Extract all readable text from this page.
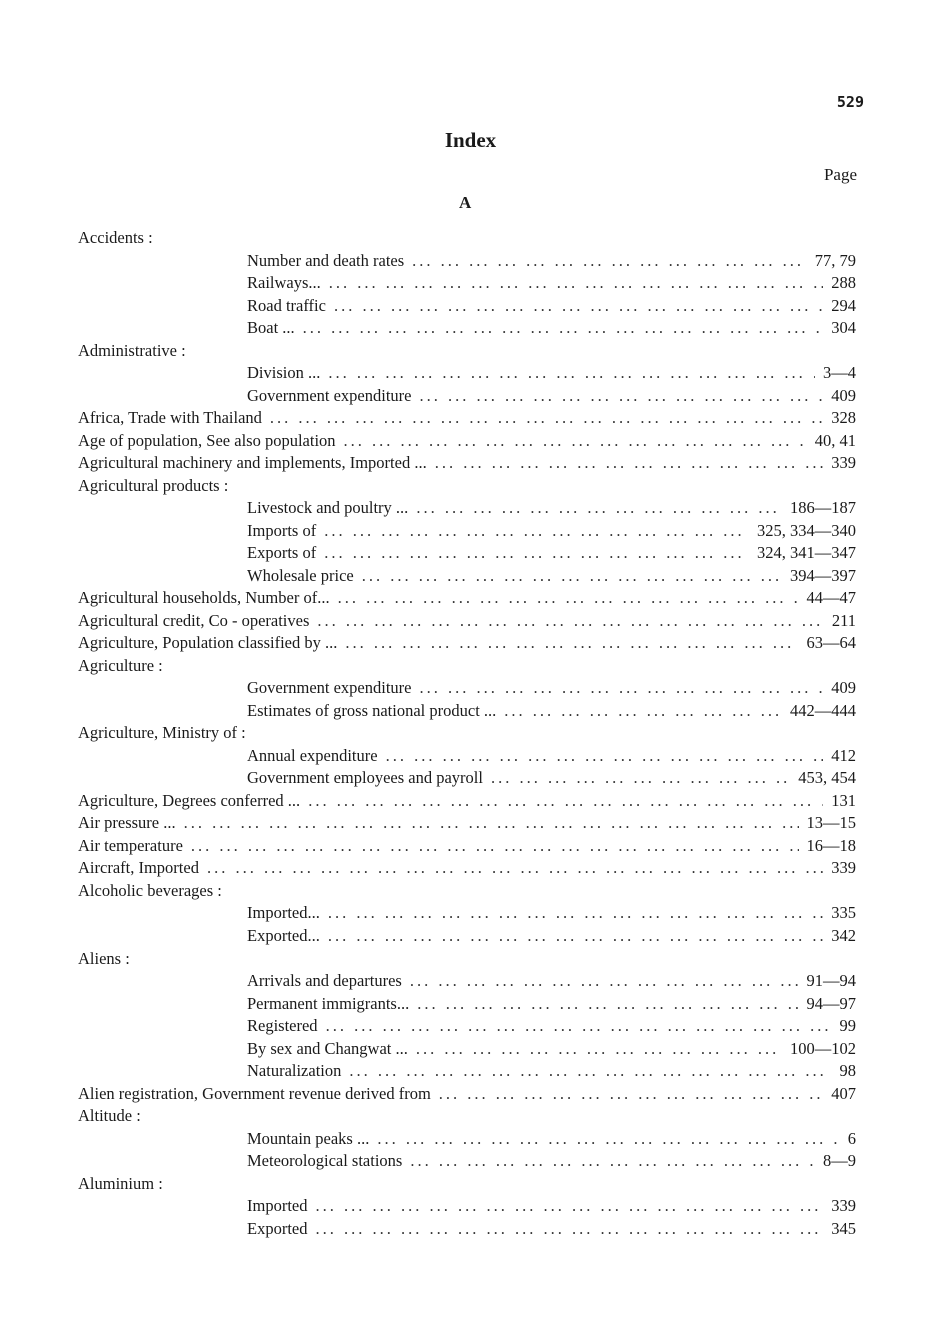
529
Index
Page
A
Accidents :
Number and death rates ... .	77, 79
Railways... ... .	288
Road traffic ... .	294
Boat ... ... .	304
Administrative :
Division ... ... .	3—4
Government expenditure ... .	409
Africa, Trade with Thailand ... .	328
Age of population, See also population ... .	40, 41
Agricultural machinery and implements, Imported ... ... .	339
Agricultural products :
Livestock and poultry ... ... .	186—187
Imports of ... .	325, 334—340
Exports of ... .	324, 341—347
Wholesale price ... .	394—397
Agricultural households, Number of... ... .	44—47
Agricultural credit, Co - operatives ... .	211
Agriculture, Population classified by ... ... .	63—64
Agriculture :
Government expenditure ... .	409
Estimates of gross national product ... ... .	442—444
Agriculture, Ministry of :
Annual expenditure ... .	412
Government employees and payroll ... .	453, 454
Agriculture, Degrees conferred ... ... .	131
Air pressure ... ... .	13—15
Air temperature ... .	16—18
Aircraft, Imported ... .	339
Alcoholic beverages :
Imported... ... .	335
Exported... ... .	342
Aliens :
Arrivals and departures ... .	91—94
Permanent immigrants... ... .	94—97
Registered ... .	99
By sex and Changwat ... ... .	100—102
Naturalization ... .	98
Alien registration, Government revenue derived from ... .	407
Altitude :
Mountain peaks ... ... .	6
Meteorological stations ... .	8—9
Aluminium :
Imported ... .	339
Exported ... .	345
